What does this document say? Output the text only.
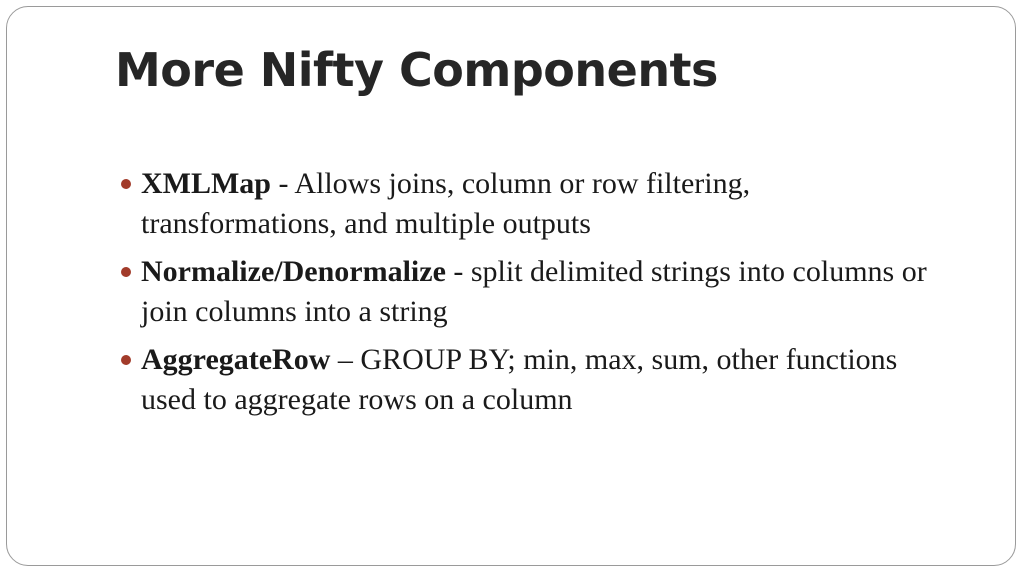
More Nifty Components
XMLMap - Allows joins, column or row filtering, transformations, and multiple outputs
Normalize/Denormalize - split delimited strings into columns or join columns into a string
AggregateRow – GROUP BY; min, max, sum, other functions used to aggregate rows on a column
